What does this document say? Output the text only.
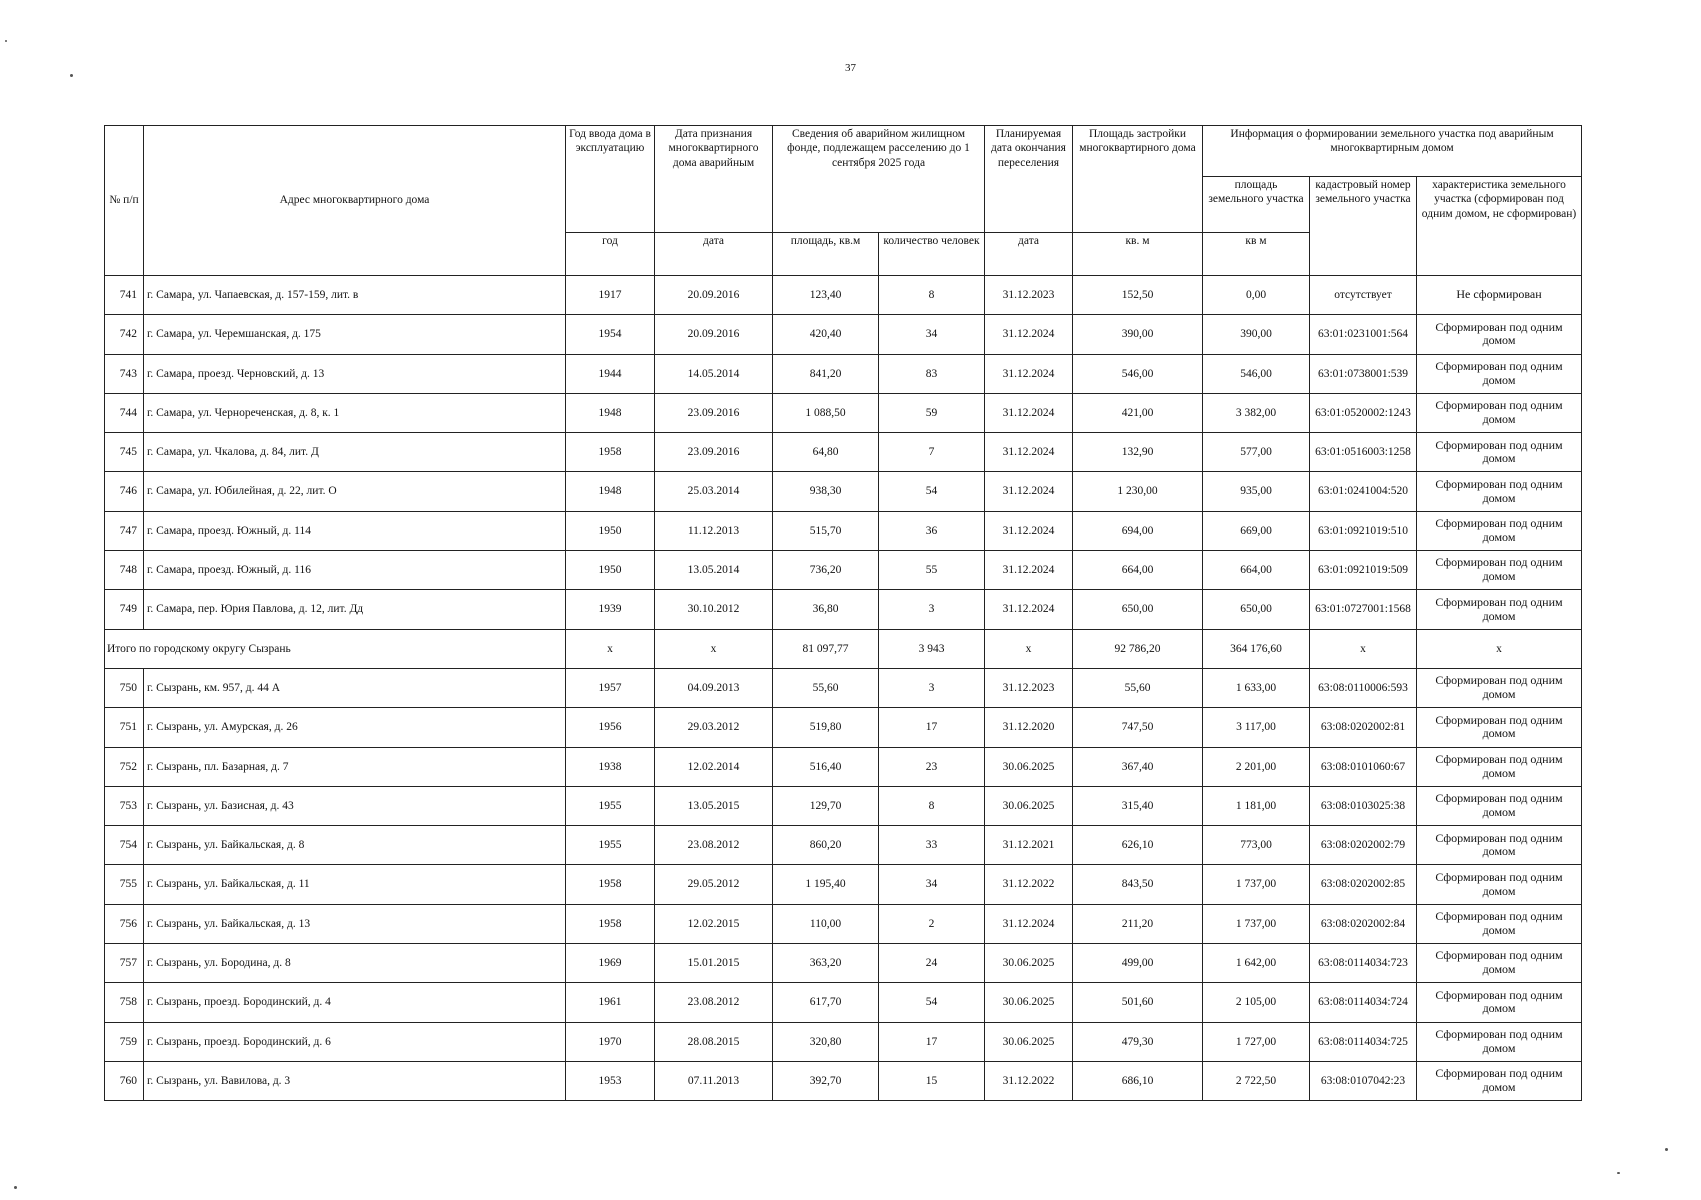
37
№ п/п	Адрес многоквартирного дома	Год ввода дома в эксплуатацию	Дата признания многоквартирного дома аварийным	Сведения об аварийном жилищном фонде, подлежащем расселению до 1 сентября 2025 года		Планируемая дата окончания переселения	Площадь застройки многоквартирного дома	Информация о формировании земельного участка под аварийным многоквартирным домом		
								площадь земельного участка	кадастровый номер земельного участка	характеристика земельного участка (сформирован под одним домом, не сформирован)
		год	дата	площадь, кв.м	количество человек	дата	кв. м	кв м		
741	г. Самара, ул. Чапаевская, д. 157-159, лит. в	1917	20.09.2016	123,40	8	31.12.2023	152,50	0,00	отсутствует	Не сформирован
742	г. Самара, ул. Черемшанская, д. 175	1954	20.09.2016	420,40	34	31.12.2024	390,00	390,00	63:01:0231001:564	Сформирован под одним домом
743	г. Самара, проезд. Черновский, д. 13	1944	14.05.2014	841,20	83	31.12.2024	546,00	546,00	63:01:0738001:539	Сформирован под одним домом
744	г. Самара, ул. Чернореченская, д. 8, к. 1	1948	23.09.2016	1 088,50	59	31.12.2024	421,00	3 382,00	63:01:0520002:1243	Сформирован под одним домом
745	г. Самара, ул. Чкалова, д. 84, лит. Д	1958	23.09.2016	64,80	7	31.12.2024	132,90	577,00	63:01:0516003:1258	Сформирован под одним домом
746	г. Самара, ул. Юбилейная, д. 22, лит. О	1948	25.03.2014	938,30	54	31.12.2024	1 230,00	935,00	63:01:0241004:520	Сформирован под одним домом
747	г. Самара, проезд. Южный, д. 114	1950	11.12.2013	515,70	36	31.12.2024	694,00	669,00	63:01:0921019:510	Сформирован под одним домом
748	г. Самара, проезд. Южный, д. 116	1950	13.05.2014	736,20	55	31.12.2024	664,00	664,00	63:01:0921019:509	Сформирован под одним домом
749	г. Самара, пер. Юрия Павлова, д. 12, лит. Дд	1939	30.10.2012	36,80	3	31.12.2024	650,00	650,00	63:01:0727001:1568	Сформирован под одним домом
Итого по городскому округу Сызрань		х	х	81 097,77	3 943	х	92 786,20	364 176,60	х	х
750	г. Сызрань, км. 957, д. 44 А	1957	04.09.2013	55,60	3	31.12.2023	55,60	1 633,00	63:08:0110006:593	Сформирован под одним домом
751	г. Сызрань, ул. Амурская, д. 26	1956	29.03.2012	519,80	17	31.12.2020	747,50	3 117,00	63:08:0202002:81	Сформирован под одним домом
752	г. Сызрань, пл. Базарная, д. 7	1938	12.02.2014	516,40	23	30.06.2025	367,40	2 201,00	63:08:0101060:67	Сформирован под одним домом
753	г. Сызрань, ул. Базисная, д. 43	1955	13.05.2015	129,70	8	30.06.2025	315,40	1 181,00	63:08:0103025:38	Сформирован под одним домом
754	г. Сызрань, ул. Байкальская, д. 8	1955	23.08.2012	860,20	33	31.12.2021	626,10	773,00	63:08:0202002:79	Сформирован под одним домом
755	г. Сызрань, ул. Байкальская, д. 11	1958	29.05.2012	1 195,40	34	31.12.2022	843,50	1 737,00	63:08:0202002:85	Сформирован под одним домом
756	г. Сызрань, ул. Байкальская, д. 13	1958	12.02.2015	110,00	2	31.12.2024	211,20	1 737,00	63:08:0202002:84	Сформирован под одним домом
757	г. Сызрань, ул. Бородина, д. 8	1969	15.01.2015	363,20	24	30.06.2025	499,00	1 642,00	63:08:0114034:723	Сформирован под одним домом
758	г. Сызрань, проезд. Бородинский, д. 4	1961	23.08.2012	617,70	54	30.06.2025	501,60	2 105,00	63:08:0114034:724	Сформирован под одним домом
759	г. Сызрань, проезд. Бородинский, д. 6	1970	28.08.2015	320,80	17	30.06.2025	479,30	1 727,00	63:08:0114034:725	Сформирован под одним домом
760	г. Сызрань, ул. Вавилова, д. 3	1953	07.11.2013	392,70	15	31.12.2022	686,10	2 722,50	63:08:0107042:23	Сформирован под одним домом
